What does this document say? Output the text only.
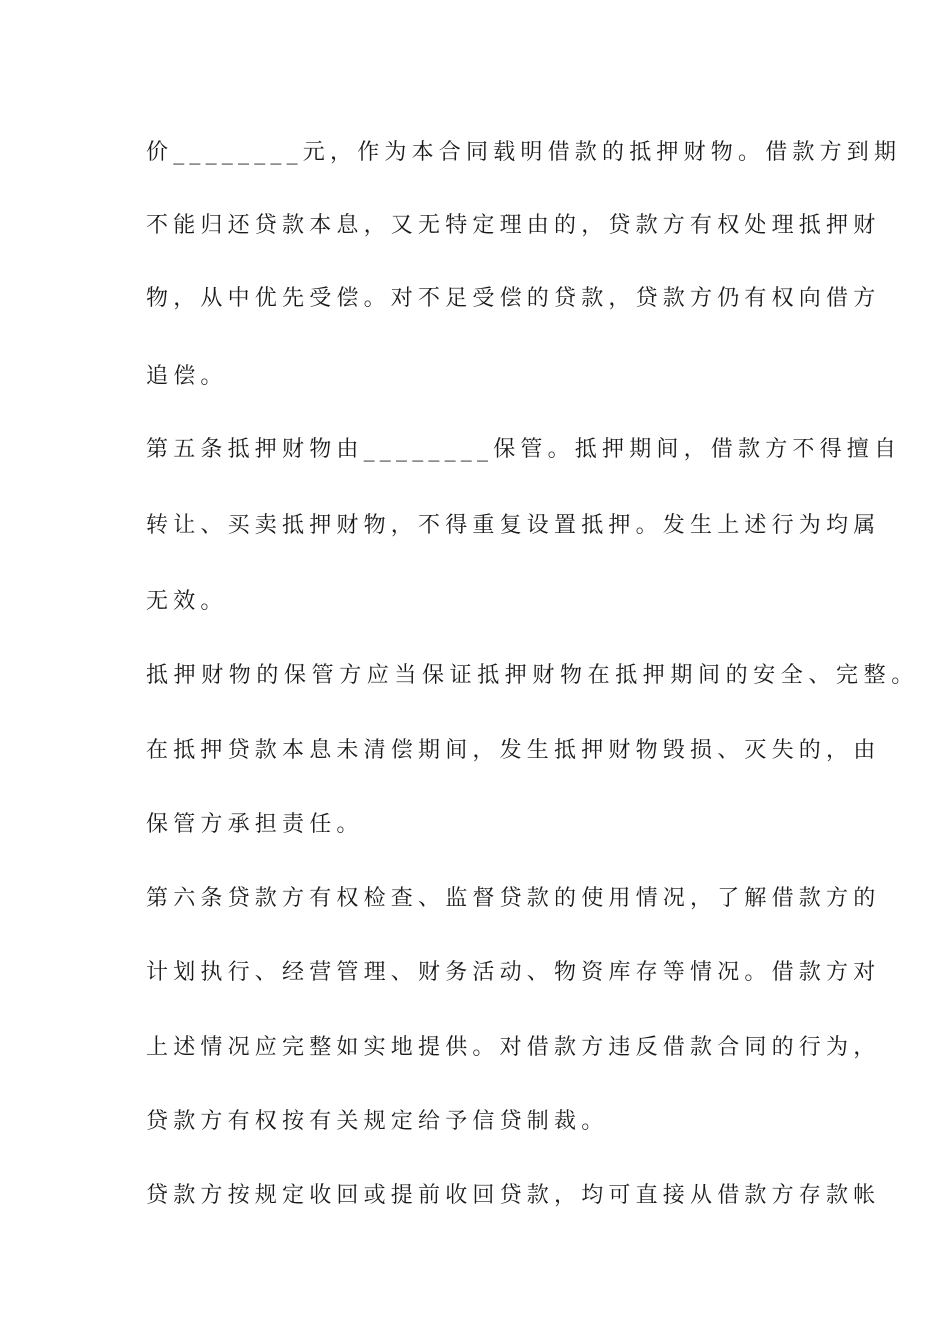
价________元，作为本合同载明借款的抵押财物。借款方到期
不能归还贷款本息，又无特定理由的，贷款方有权处理抵押财
物，从中优先受偿。对不足受偿的贷款，贷款方仍有权向借方
追偿。
第五条抵押财物由________保管。抵押期间，借款方不得擅自
转让、买卖抵押财物，不得重复设置抵押。发生上述行为均属
无效。
抵押财物的保管方应当保证抵押财物在抵押期间的安全、完整。
在抵押贷款本息未清偿期间，发生抵押财物毁损、灭失的，由
保管方承担责任。
第六条贷款方有权检查、监督贷款的使用情况，了解借款方的
计划执行、经营管理、财务活动、物资库存等情况。借款方对
上述情况应完整如实地提供。对借款方违反借款合同的行为，
贷款方有权按有关规定给予信贷制裁。
贷款方按规定收回或提前收回贷款，均可直接从借款方存款帐
